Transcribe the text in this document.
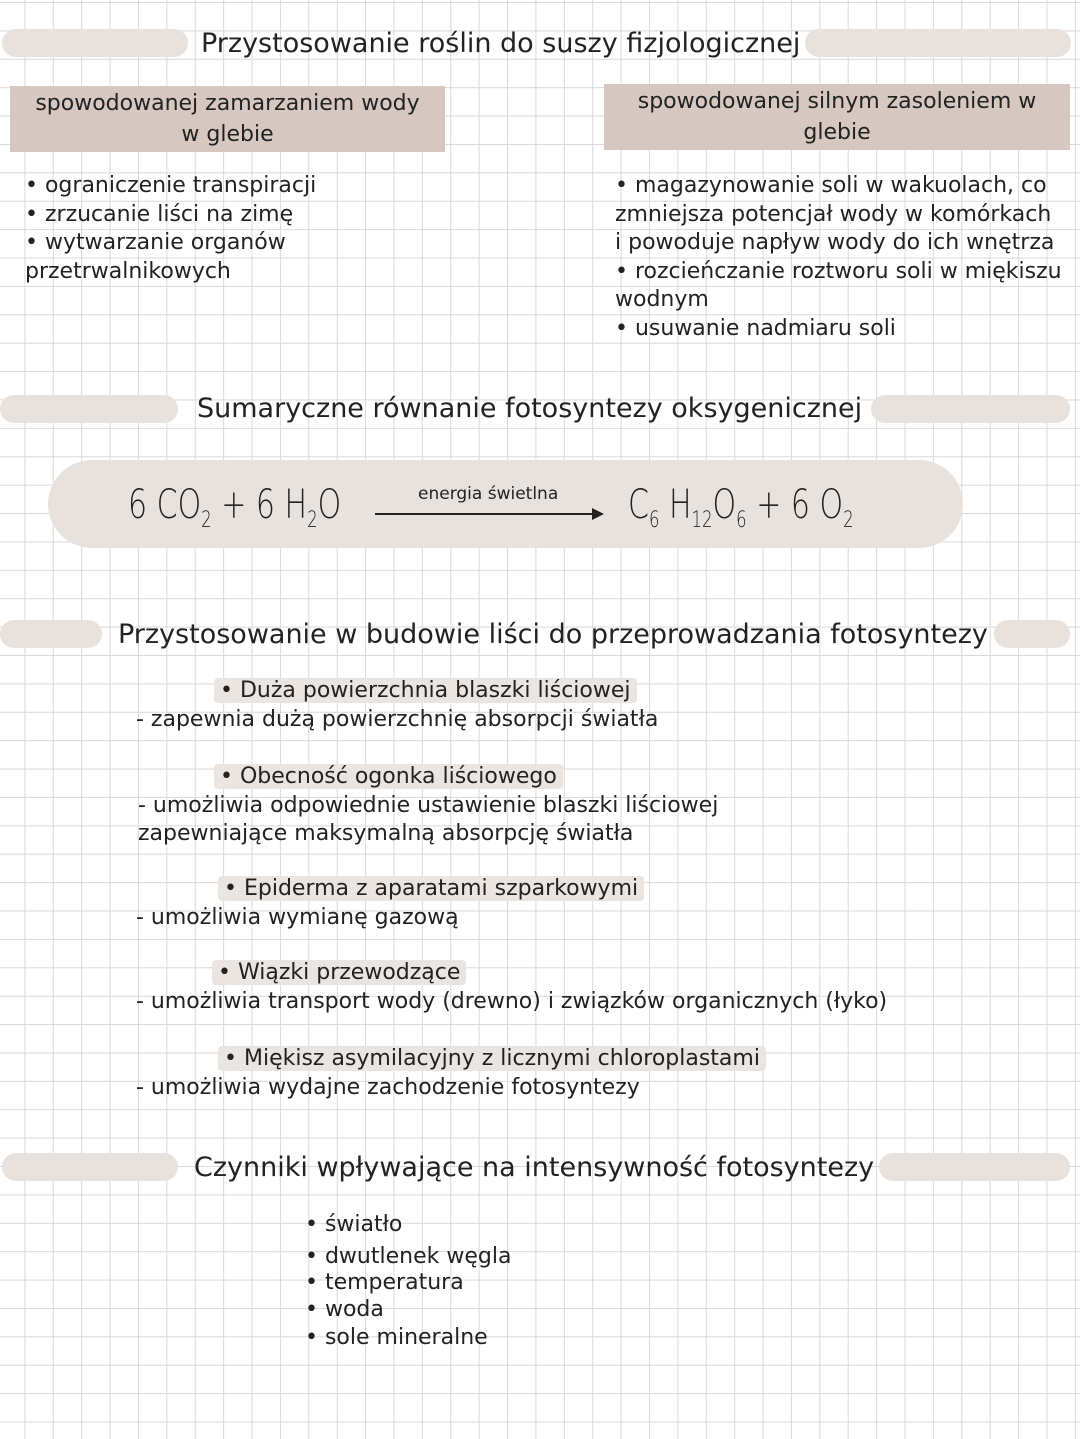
Przystosowanie roślin do suszy fizjologicznej
spowodowanej zamarzaniem wody
w glebie
spowodowanej silnym zasoleniem w
glebie
• ograniczenie transpiracji
• zrzucanie liści na zimę
• wytwarzanie organów
przetrwalnikowych
• magazynowanie soli w wakuolach, co
zmniejsza potencjał wody w komórkach
i powoduje napływ wody do ich wnętrza
• rozcieńczanie roztworu soli w miękiszu
wodnym
• usuwanie nadmiaru soli
Sumaryczne równanie fotosyntezy oksygenicznej
6 $CO_2 + 6$ $H_2O$	energia świetlna $C_6$ $H_{12}O_6 + 6$ $O_2$
Przystosowanie w budowie liści do przeprowadzania fotosyntezy
• Duża powierzchnia blaszki liściowej
- zapewnia dużą powierzchnię absorpcji światła
• Obecność ogonka liściowego
- umożliwia odpowiednie ustawienie blaszki liściowej
zapewniające maksymalną absorpcję światła
• Epiderma z aparatami szparkowymi
- umożliwia wymianę gazową
• Wiązki przewodzące
- umożliwia transport wody (drewno) i związków organicznych (łyko)
• Miękisz asymilacyjny z licznymi chloroplastami
- umożliwia wydajne zachodzenie fotosyntezy
Czynniki wpływające na intensywność fotosyntezy
• światło
• dwutlenek węgla
• temperatura
• woda
• sole mineralne
